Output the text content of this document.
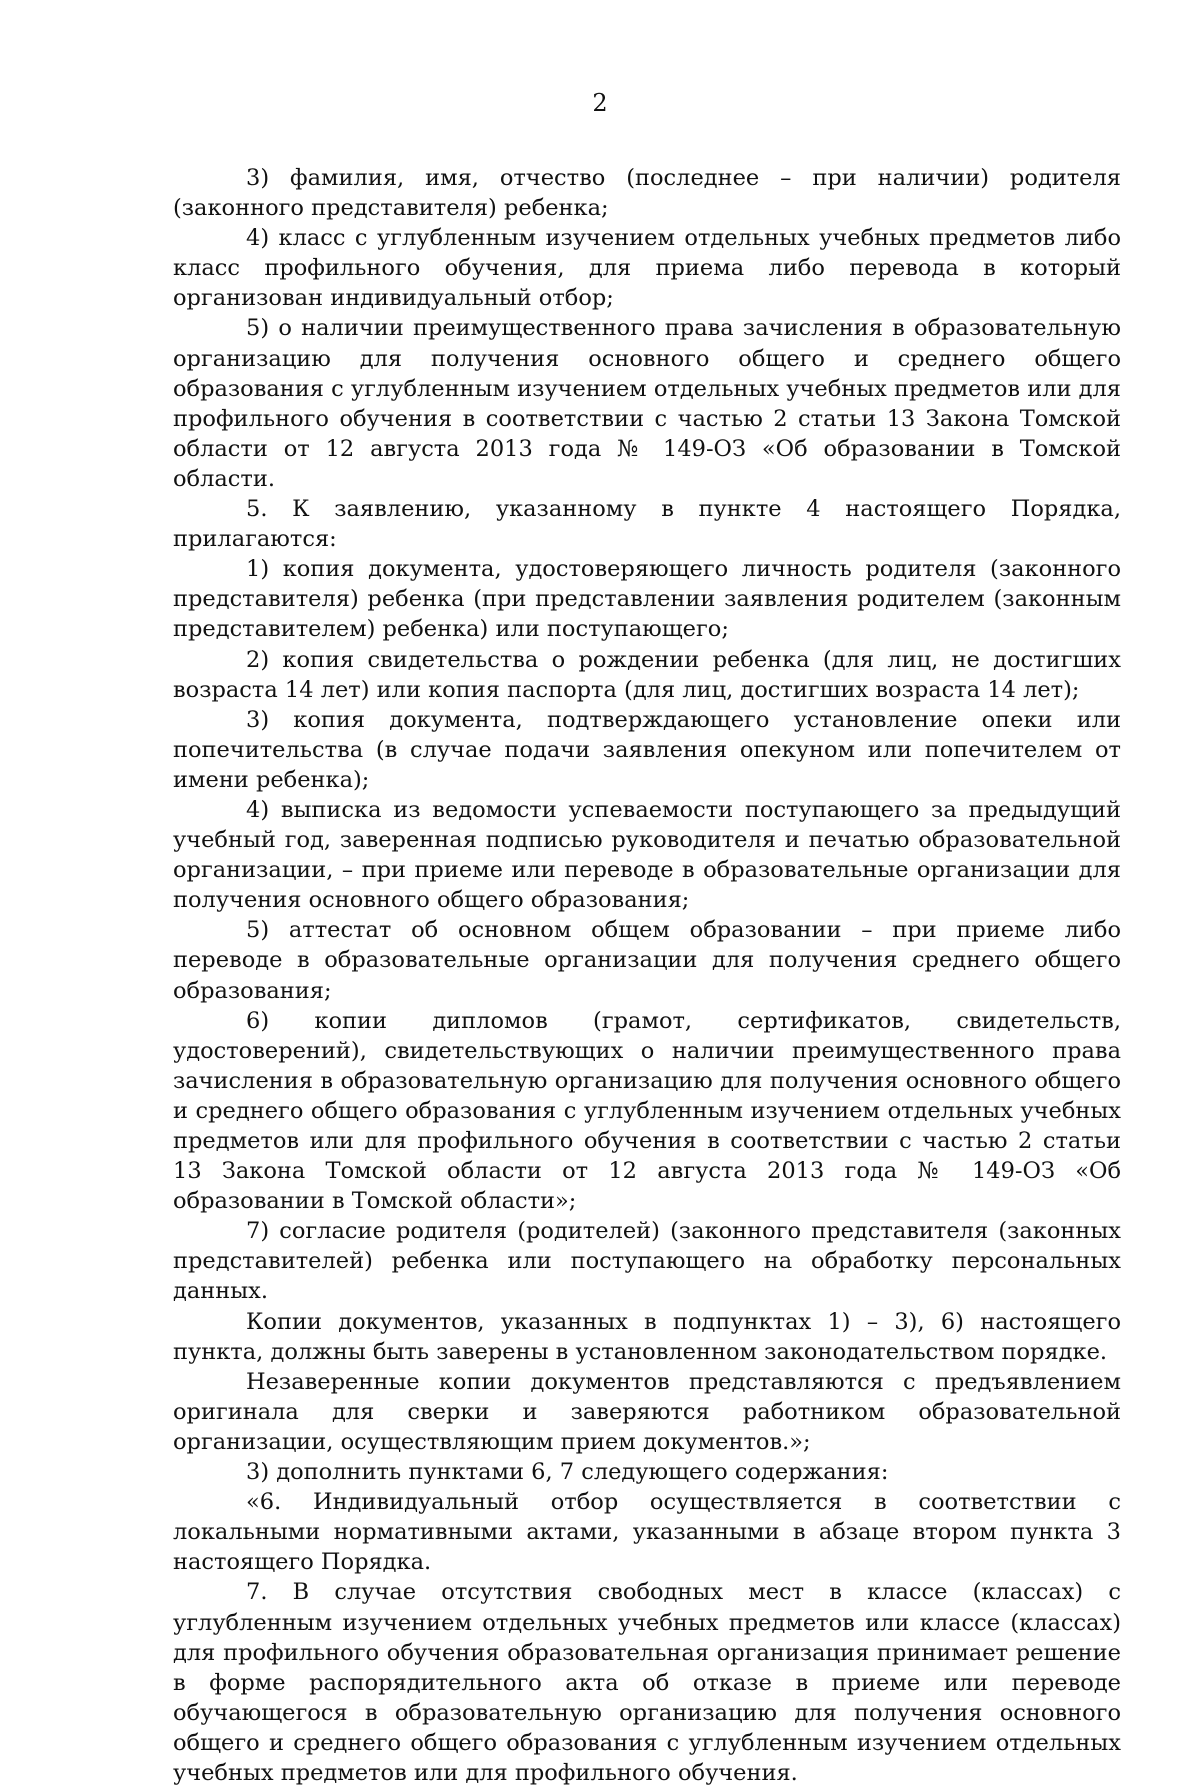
2

3) фамилия, имя, отчество (последнее – при наличии) родителя (законного представителя) ребенка;

4) класс с углубленным изучением отдельных учебных предметов либо класс профильного обучения, для приема либо перевода в который организован индивидуальный отбор;

5) о наличии преимущественного права зачисления в образовательную организацию для получения основного общего и среднего общего образования с углубленным изучением отдельных учебных предметов или для профильного обучения в соответствии с частью 2 статьи 13 Закона Томской области от 12 августа 2013 года № 149-ОЗ «Об образовании в Томской области.

5. К заявлению, указанному в пункте 4 настоящего Порядка, прилагаются:

1) копия документа, удостоверяющего личность родителя (законного представителя) ребенка (при представлении заявления родителем (законным представителем) ребенка) или поступающего;

2) копия свидетельства о рождении ребенка (для лиц, не достигших возраста 14 лет) или копия паспорта (для лиц, достигших возраста 14 лет);

3) копия документа, подтверждающего установление опеки или попечительства (в случае подачи заявления опекуном или попечителем от имени ребенка);

4) выписка из ведомости успеваемости поступающего за предыдущий учебный год, заверенная подписью руководителя и печатью образовательной организации, – при приеме или переводе в образовательные организации для получения основного общего образования;

5) аттестат об основном общем образовании – при приеме либо переводе в образовательные организации для получения среднего общего образования;

6) копии дипломов (грамот, сертификатов, свидетельств, удостоверений), свидетельствующих о наличии преимущественного права зачисления в образовательную организацию для получения основного общего и среднего общего образования с углубленным изучением отдельных учебных предметов или для профильного обучения в соответствии с частью 2 статьи 13 Закона Томской области от 12 августа 2013 года № 149-ОЗ «Об образовании в Томской области»;

7) согласие родителя (родителей) (законного представителя (законных представителей) ребенка или поступающего на обработку персональных данных.

Копии документов, указанных в подпунктах 1) – 3), 6) настоящего пункта, должны быть заверены в установленном законодательством порядке.

Незаверенные копии документов представляются с предъявлением оригинала для сверки и заверяются работником образовательной организации, осуществляющим прием документов.»;

3) дополнить пунктами 6, 7 следующего содержания:

«6. Индивидуальный отбор осуществляется в соответствии с локальными нормативными актами, указанными в абзаце втором пункта 3 настоящего Порядка.

7. В случае отсутствия свободных мест в классе (классах) с углубленным изучением отдельных учебных предметов или классе (классах) для профильного обучения образовательная организация принимает решение в форме распорядительного акта об отказе в приеме или переводе обучающегося в образовательную организацию для получения основного общего и среднего общего образования с углубленным изучением отдельных учебных предметов или для профильного обучения.
